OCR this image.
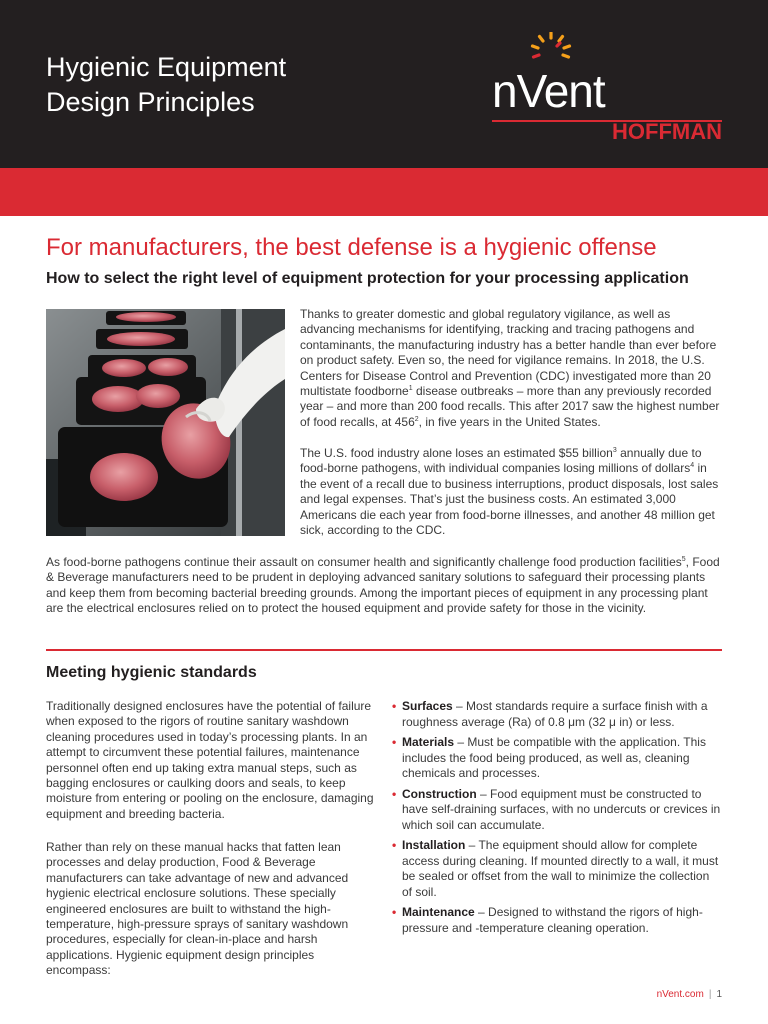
Hygienic Equipment
Design Principles	nVent
HOFFMAN
For manufacturers, the best defense is a hygienic offense
How to select the right level of equipment protection for your processing application

Thanks to greater domestic and global regulatory vigilance, as well as advancing mechanisms for identifying, tracking and tracing pathogens and contaminants, the manufacturing industry has a better handle than ever before on product safety. Even so, the need for vigilance remains. In 2018, the U.S. Centers for Disease Control and Prevention (CDC) investigated more than 20 multistate foodborne$^1$ disease outbreaks – more than any previously recorded year – and more than 200 food recalls. This after 2017 saw the highest number of food recalls, at $456^2$, in five years in the United States.

The U.S. food industry alone loses an estimated $55 billion$^3$ annually due to food-borne pathogens, with individual companies losing millions of dollars$^4$ in the event of a recall due to business interruptions, product disposals, lost sales and legal expenses. That’s just the business costs. An estimated 3,000 Americans die each year from food-borne illnesses, and another 48 million get sick, according to the CDC.

As food-borne pathogens continue their assault on consumer health and significantly challenge food production facilities$^5$, Food & Beverage manufacturers need to be prudent in deploying advanced sanitary solutions to safeguard their processing plants and keep them from becoming bacterial breeding grounds. Among the important pieces of equipment in any processing plant are the electrical enclosures relied on to protect the housed equipment and provide safety for those in the vicinity.

Meeting hygienic standards

Traditionally designed enclosures have the potential of failure when exposed to the rigors of routine sanitary washdown cleaning procedures used in today’s processing plants. In an attempt to circumvent these potential failures, maintenance personnel often end up taking extra manual steps, such as bagging enclosures or caulking doors and seals, to keep moisture from entering or pooling on the enclosure, damaging equipment and breeding bacteria.

Rather than rely on these manual hacks that fatten lean processes and delay production, Food & Beverage manufacturers can take advantage of new and advanced hygienic electrical enclosure solutions. These specially engineered enclosures are built to withstand the high-temperature, high-pressure sprays of sanitary washdown procedures, especially for clean-in-place and harsh applications. Hygienic equipment design principles encompass:

• Surfaces – Most standards require a surface finish with a roughness average (Ra) of 0.8 μm (32 μ in) or less.
• Materials – Must be compatible with the application. This includes the food being produced, as well as, cleaning chemicals and processes.
• Construction – Food equipment must be constructed to have self-draining surfaces, with no undercuts or crevices in which soil can accumulate.
• Installation – The equipment should allow for complete access during cleaning. If mounted directly to a wall, it must be sealed or offset from the wall to minimize the collection of soil.
• Maintenance – Designed to withstand the rigors of high-pressure and -temperature cleaning operation.
nVent.com | 1
